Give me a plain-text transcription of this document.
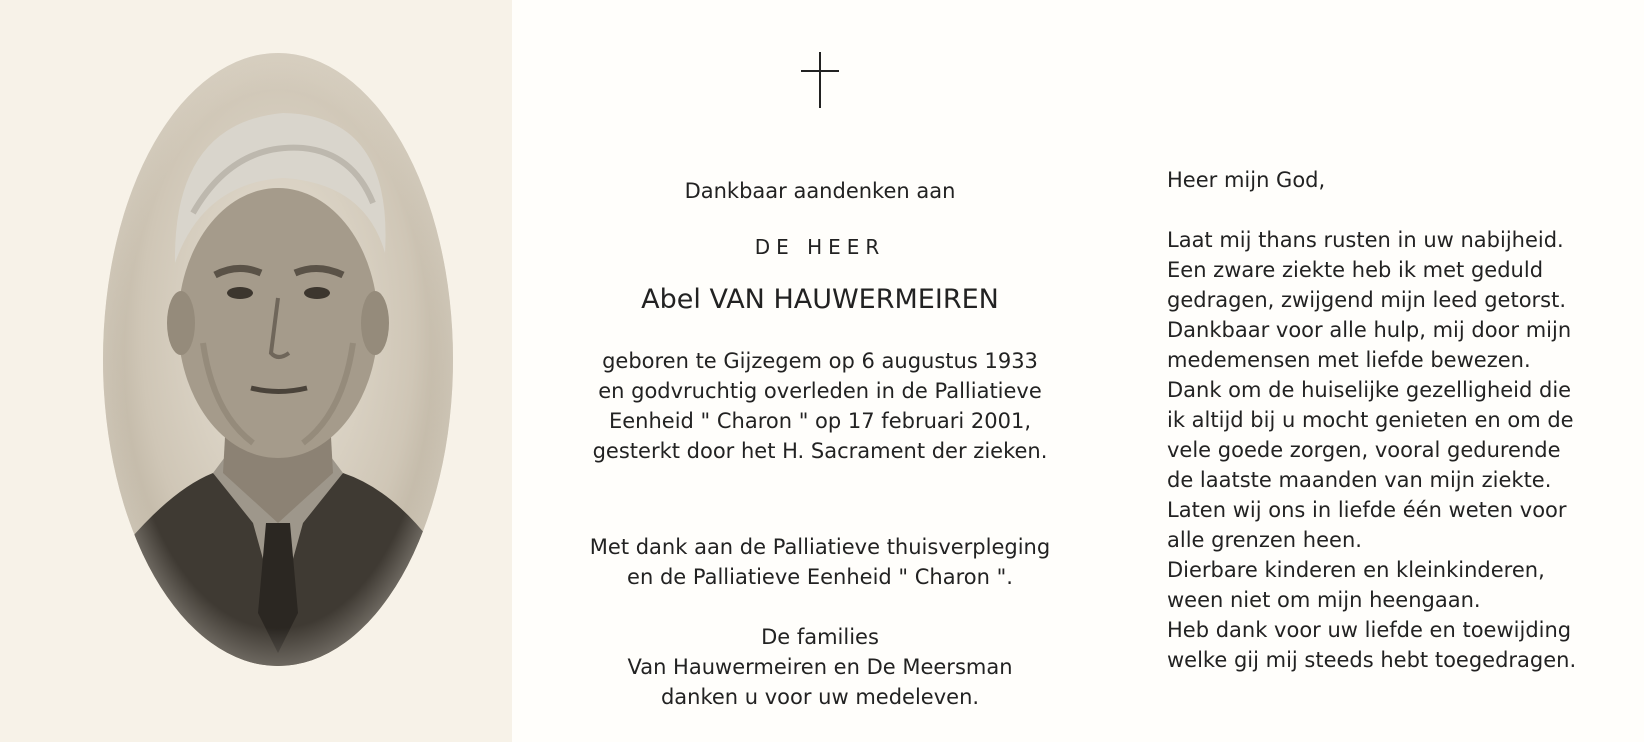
Dankbaar aandenken aan
DE HEER
Abel VAN HAUWERMEIREN
geboren te Gijzegem op 6 augustus 1933
en godvruchtig overleden in de Palliatieve
Eenheid " Charon " op 17 februari 2001,
gesterkt door het H. Sacrament der zieken.
Met dank aan de Palliatieve thuisverpleging
en de Palliatieve Eenheid " Charon ".
De families
Van Hauwermeiren en De Meersman
danken u voor uw medeleven.
Heer mijn God,
Laat mij thans rusten in uw nabijheid.
Een zware ziekte heb ik met geduld
gedragen, zwijgend mijn leed getorst.
Dankbaar voor alle hulp, mij door mijn
medemensen met liefde bewezen.
Dank om de huiselijke gezelligheid die
ik altijd bij u mocht genieten en om de
vele goede zorgen, vooral gedurende
de laatste maanden van mijn ziekte.
Laten wij ons in liefde één weten voor
alle grenzen heen.
Dierbare kinderen en kleinkinderen,
ween niet om mijn heengaan.
Heb dank voor uw liefde en toewijding
welke gij mij steeds hebt toegedragen.
